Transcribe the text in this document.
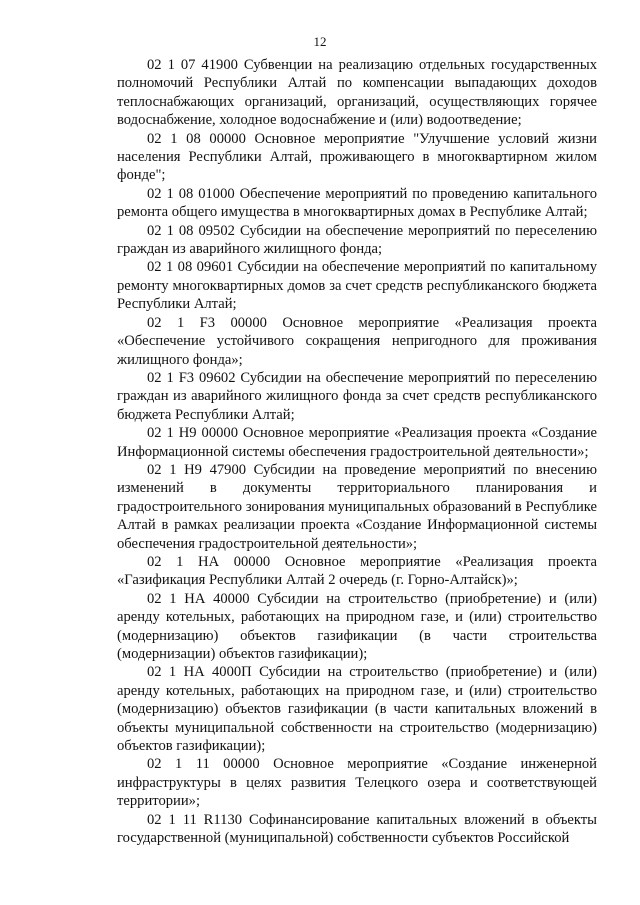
12

02 1 07 41900 Субвенции на реализацию отдельных государственных полномочий Республики Алтай по компенсации выпадающих доходов теплоснабжающих организаций, организаций, осуществляющих горячее водоснабжение, холодное водоснабжение и (или) водоотведение;

02 1 08 00000 Основное мероприятие "Улучшение условий жизни населения Республики Алтай, проживающего в многоквартирном жилом фонде";

02 1 08 01000 Обеспечение мероприятий по проведению капитального ремонта общего имущества в многоквартирных домах в Республике Алтай;

02 1 08 09502 Субсидии на обеспечение мероприятий по переселению граждан из аварийного жилищного фонда;

02 1 08 09601 Субсидии на обеспечение мероприятий по капитальному ремонту многоквартирных домов за счет средств республиканского бюджета Республики Алтай;

02 1 F3 00000 Основное мероприятие «Реализация проекта «Обеспечение устойчивого сокращения непригодного для проживания жилищного фонда»;

02 1 F3 09602 Субсидии на обеспечение мероприятий по переселению граждан из аварийного жилищного фонда за счет средств республиканского бюджета Республики Алтай;

02 1 Н9 00000 Основное мероприятие «Реализация проекта «Создание Информационной системы обеспечения градостроительной деятельности»;

02 1 Н9 47900 Субсидии на проведение мероприятий по внесению изменений в документы территориального планирования и градостроительного зонирования муниципальных образований в Республике Алтай в рамках реализации проекта «Создание Информационной системы обеспечения градостроительной деятельности»;

02 1 НА 00000 Основное мероприятие «Реализация проекта «Газификация Республики Алтай 2 очередь (г. Горно-Алтайск)»;

02 1 НА 40000 Субсидии на строительство (приобретение) и (или) аренду котельных, работающих на природном газе, и (или) строительство (модернизацию) объектов газификации (в части строительства (модернизации) объектов газификации);

02 1 НА 4000П Субсидии на строительство (приобретение) и (или) аренду котельных, работающих на природном газе, и (или) строительство (модернизацию) объектов газификации (в части капитальных вложений в объекты муниципальной собственности на строительство (модернизацию) объектов газификации);

02 1 11 00000 Основное мероприятие «Создание инженерной инфраструктуры в целях развития Телецкого озера и соответствующей территории»;

02 1 11 R1130 Софинансирование капитальных вложений в объекты государственной (муниципальной) собственности субъектов Российской
